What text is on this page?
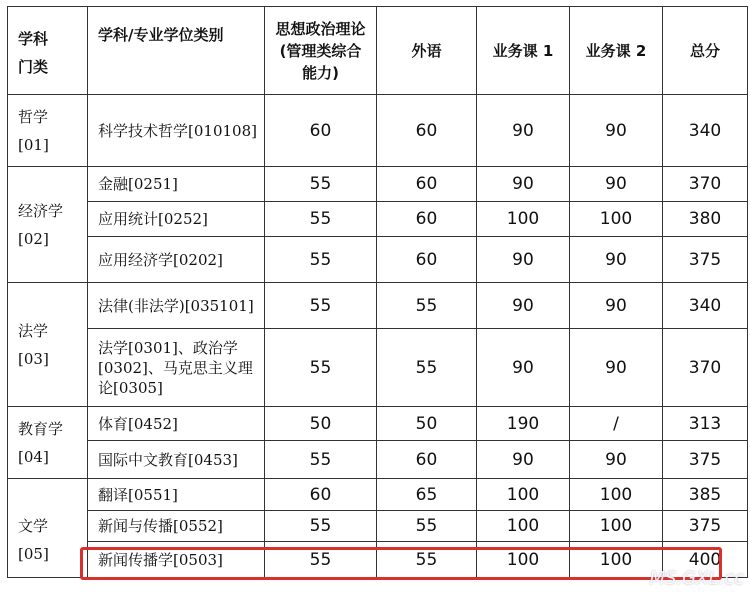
学科
门类	学科/专业学位类别	思想政治理论
(管理类综合
能力)	外语	业务课 1	业务课 2	总分

哲学
[01]	科学技术哲学[010108]	60	60	90	90	340

经济学
[02]	金融[0251]	55	60	90	90	370
	应用统计[0252]	55	60	100	100	380
	应用经济学[0202]	55	60	90	90	375

法学
[03]	法律(非法学)[035101]	55	55	90	90	340

	法学[0301]、政治学
[0302]、马克思主义理
论[0305]	55	55	90	90	370

教育学
[04]	体育[0452]	50	50	190	/	313
	国际中文教育[0453]	55	60	90	90	375

文学
[05]	翻译[0551]	60	65	100	100	385
	新闻与传播[0552]	55	55	100	100	375
	新闻传播学[0503]	55	55	100	100	400
MS.GXL.cc
